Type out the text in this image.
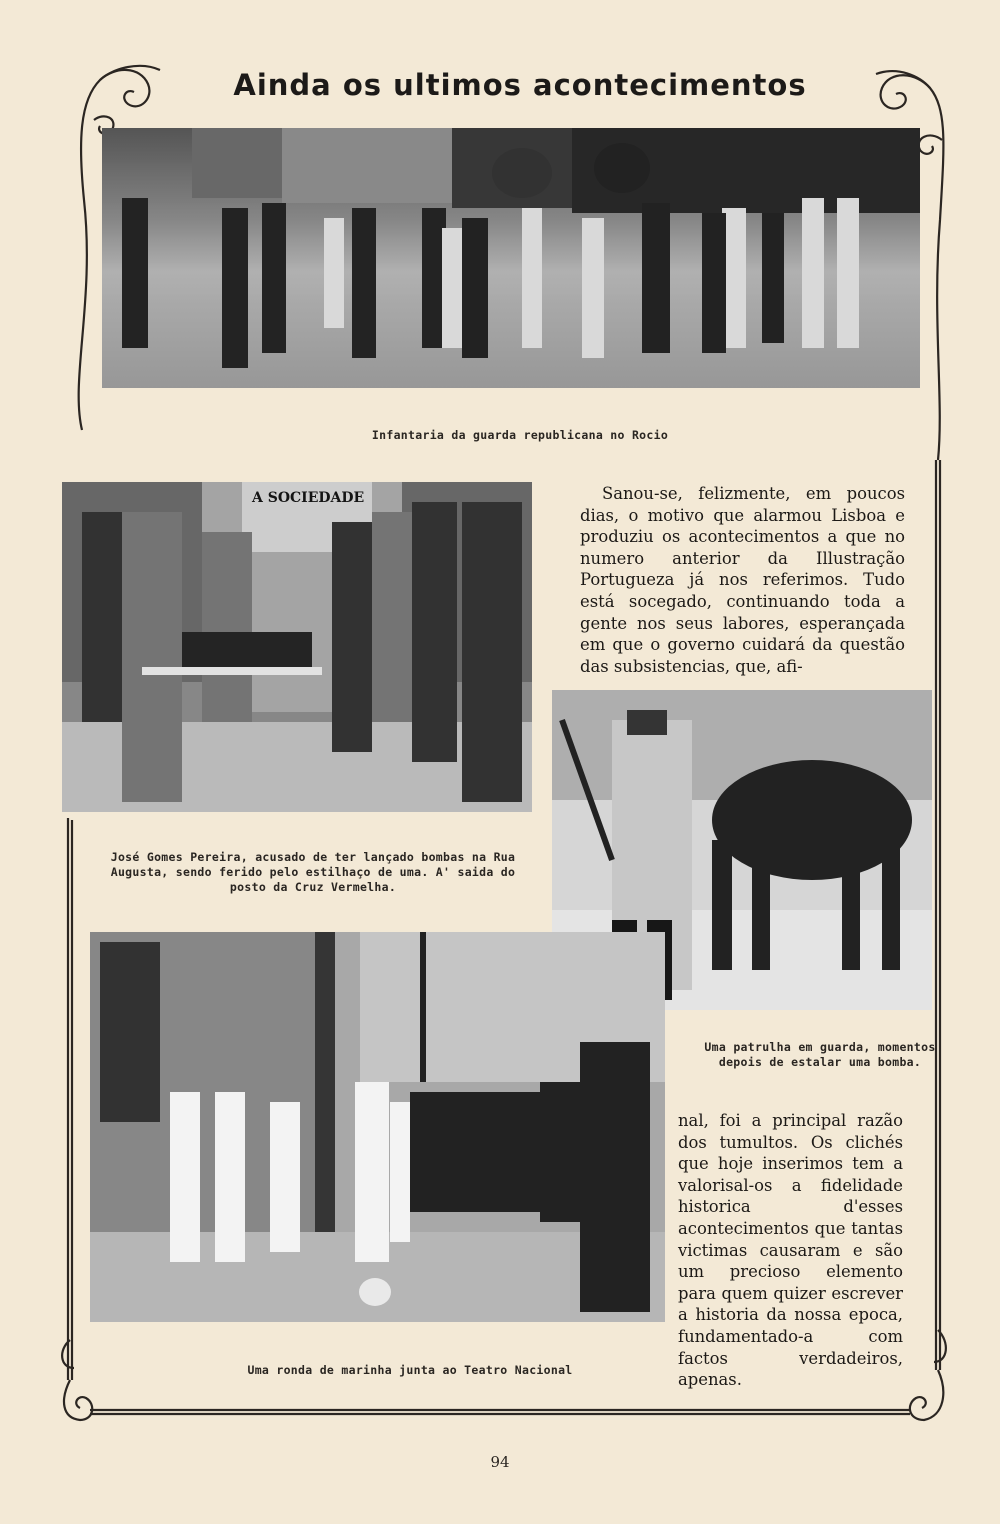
Ainda os ultimos acontecimentos
Infantaria da guarda republicana no Rocio
A SOCIEDADE
José Gomes Pereira, acusado de ter lançado bombas na Rua Augusta, sendo ferido pelo estilhaço de uma. A' saida do posto da Cruz Vermelha.
Sanou-se, felizmente, em poucos dias, o motivo que alarmou Lisboa e produziu os acontecimentos a que no numero anterior da Illustração Portugueza já nos referimos. Tudo está socegado, continuando toda a gente nos seus labores, esperançada em que o governo cuidará da questão das subsistencias, que, afi-
Uma patrulha em guarda, momentos depois de estalar uma bomba.
Uma ronda de marinha junta ao Teatro Nacional
nal, foi a principal razão dos tumultos. Os clichés que hoje inserimos tem a valorisal-os a fidelidade historica d'esses acontecimentos que tantas victimas causaram e são um precioso elemento para quem quizer escrever a historia da nossa epoca, fundamentado-a com factos verdadeiros, apenas.
94
